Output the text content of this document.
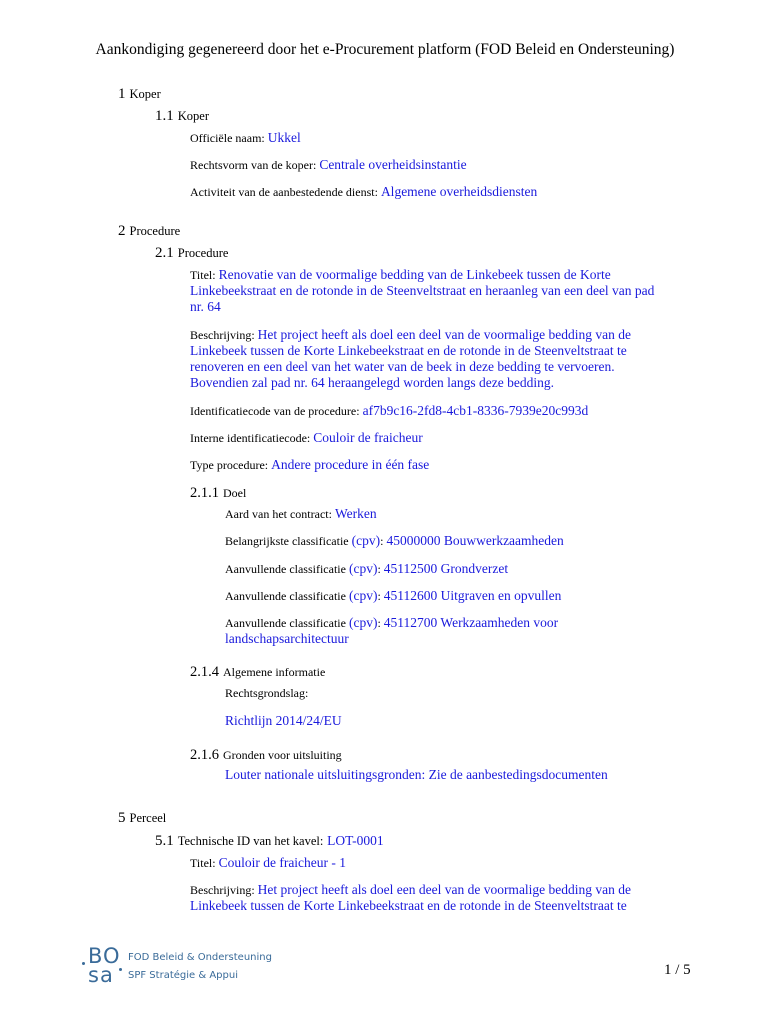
Aankondiging gegenereerd door het e-Procurement platform (FOD Beleid en Ondersteuning)
1 Koper
1.1 Koper
Officiële naam: Ukkel
Rechtsvorm van de koper: Centrale overheidsinstantie
Activiteit van de aanbestedende dienst: Algemene overheidsdiensten
2 Procedure
2.1 Procedure
Titel: Renovatie van de voormalige bedding van de Linkebeek tussen de Korte Linkebeekstraat en de rotonde in de Steenveltstraat en heraanleg van een deel van pad nr. 64
Beschrijving: Het project heeft als doel een deel van de voormalige bedding van de Linkebeek tussen de Korte Linkebeekstraat en de rotonde in de Steenveltstraat te renoveren en een deel van het water van de beek in deze bedding te vervoeren. Bovendien zal pad nr. 64 heraangelegd worden langs deze bedding.
Identificatiecode van de procedure: af7b9c16-2fd8-4cb1-8336-7939e20c993d
Interne identificatiecode: Couloir de fraicheur
Type procedure: Andere procedure in één fase
2.1.1 Doel
Aard van het contract: Werken
Belangrijkste classificatie (cpv): 45000000 Bouwwerkzaamheden
Aanvullende classificatie (cpv): 45112500 Grondverzet
Aanvullende classificatie (cpv): 45112600 Uitgraven en opvullen
Aanvullende classificatie (cpv): 45112700 Werkzaamheden voor landschapsarchitectuur
2.1.4 Algemene informatie
Rechtsgrondslag:
Richtlijn 2014/24/EU
2.1.6 Gronden voor uitsluiting
Louter nationale uitsluitingsgronden: Zie de aanbestedingsdocumenten
5 Perceel
5.1 Technische ID van het kavel: LOT-0001
Titel: Couloir de fraicheur - 1
Beschrijving: Het project heeft als doel een deel van de voormalige bedding van de Linkebeek tussen de Korte Linkebeekstraat en de rotonde in de Steenveltstraat te
BO
sa
FOD Beleid & Ondersteuning
SPF Stratégie & Appui	1 / 5
